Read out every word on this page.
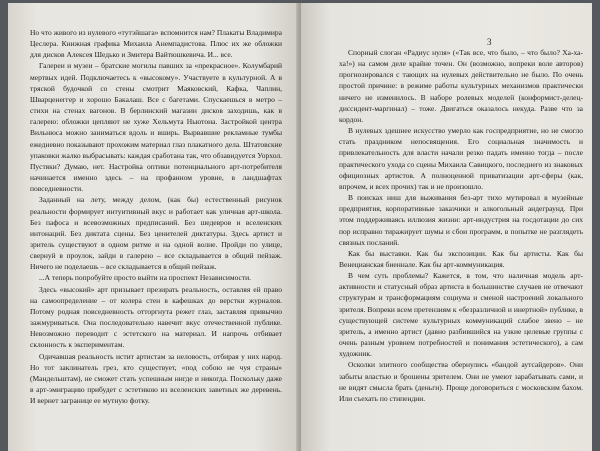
Но что живого из нулевого «тутэйшага» вспомнится нам? Плакаты Владимира Цеслера. Книжная графика Михаила Анемпадистова. Плюс их же обложки для дисков Алексея Шедько и Змитера Вайтюшкевича. И... все.

Галереи и музеи – братские могилы павших за «прекрасное». Колумбарий мертвых идей. Подключаетесь к «высокому». Участвуете в культурной. А в тряской будочкой со стены смотрит Маяковский, Кафка, Чаплин, Шварценеггер и хорошо Бакалаш. Все с багетами. Спускаешься в метро – стихи на стенах вагонов. В берлинский магазин дисков заходишь, как в галерею: обложки цепляют не хуже Хельмута Ньютона. Застройкой центра Вильнюса можно заниматься вдоль и вширь. Вырвавшие рекламные тумбы ежедневно показывают прохожим материал глаз плакатного дела. Штатовские упаковки жалко выбрасывать: каждая сработана так, что обзавидуется Уорхол. Пустяки? Думаю, нет. Настройка оптики потенциального арт-потребителя начинается именно здесь – на профанном уровне, в ландшафтах повседневности.

Заданный на лету, между делом, (как бы) естественный рисунок реальности формирует интуитивный вкус и работает как уличная арт-школа. Без пафоса и всевозможных предписаний. Без шедевров и вселенских интонаций. Без диктата сцены. Без ценителей диктатуры. Здесь артист и зритель существуют в одном ритме и на одной волне. Пройди по улице, свернуй в проулок, зайди в галерею – все складывается в общий пейзаж. Ничего не поделаешь – все складывается в общий пейзаж.

...А теперь попробуйте просто выйти на проспект Независимости.

Здесь «высокий» арт призывает презирать реальность, оставляя ей право на самоопределение – от колера стен в кафешках до верстки журналов. Потому родная повседневность отторгнута режет глаз, заставляя привычно зажмуриваться. Она последовательно навечит вкус отечественной публике. Невозможно переводит с эстетского на материал. И напрочь отбивает склонность к экспериментам.

Одичавшая реальность истит артистам за неловость, отбирая у них народ. Но тот заклинатель грез, кто существует, «под собою не чуя страны» (Мандельштам), не сможет стать успешным нигде и никогда. Поскольку даже в арт-эмиграцию прибудет с эстетикою из вселенских заветных же деревень. И вернет загранице ее мутную фотку.

3

Спорный слоган «Радиус нуля» («Так все, что было, – что было? Ха-ха-ха!») на самом деле крайне точен. Он (возможно, вопреки воле авторов) прогнозировался с тающих на нулевых действительно не было. По очень простой причине: в режиме работы культурных механизмов практически ничего не изменилось. В наборе ролевых моделей (конформист-делец-диссидент-маргинал) – тоже. Двигаться оказалось некуда. Разве что за кордон.

В нулевых здешнее искусство умерло как госпредприятие, но не смогло стать праздником непосвящения. Его социальная значимость и привлекательность для власти начали резко падать именно тогда – после практического ухода со сцены Михаила Савицкого, последнего из знаковых официозных артистов. А полноценной приватизации арт-сферы (как, впрочем, и всех прочих) так и не произошло.

В поисках ниш для выживания без-арт тихо мутировал в музейные предприятия, корпоративные заказчики и алкогольный андеграунд. При этом поддерживаясь иллюзия жизни: арт-индустрия на госдотации до сих пор исправно тиражирует шумы и сбои программ, в попытке не разглядеть связных посланий.

Как бы выставки. Как бы экспозиции. Как бы артисты. Как бы Венецианская биеннале. Как бы арт-коммуникация.

В чем суть проблемы? Кажется, в том, что наличная модель арт-активности и статусный образ артиста в большинстве случаев не отвечают структурам и трансформациям социума и сменой настроений локального зрителя. Вопреки всем претензиям к «безразличной и инертной» публике, в существующей системе культурных коммуникаций слабое звено – не зритель, а именно артист (давно разбившийся на узкие целевые группы с очень разным уровнем потребностей и понимания эстетического), а сам художник.

Осколки элитного сообщества обернулись «бандой аутсайдеров». Они забыты властью и брошены зрителем. Они не умеют зарабатывать сами, и не видят смысла брать (деньги). Проще договориться с московским бахом. Или съехать по стипендии.
